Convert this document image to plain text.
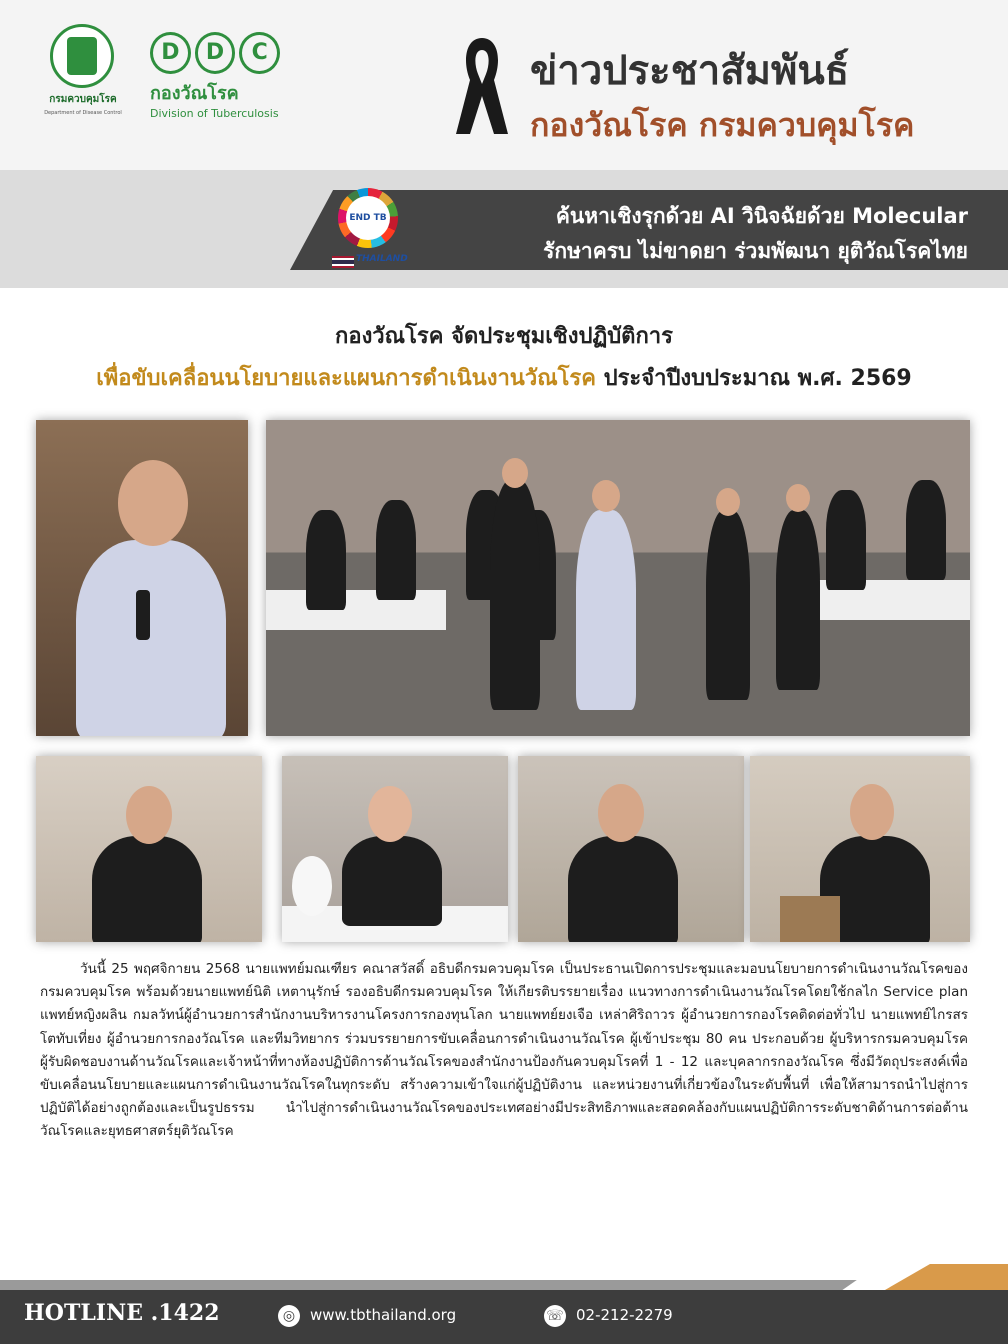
กรมควบคุมโรค
Department of Disease Control
D	D	C
กองวัณโรค
Division of Tuberculosis
ข่าวประชาสัมพันธ์
กองวัณโรค กรมควบคุมโรค
END TB
THAILAND
ค้นหาเชิงรุกด้วย AI วินิจฉัยด้วย Molecular
รักษาครบ ไม่ขาดยา ร่วมพัฒนา ยุติวัณโรคไทย
กองวัณโรค จัดประชุมเชิงปฏิบัติการ
เพื่อขับเคลื่อนนโยบายและแผนการดำเนินงานวัณโรค ประจำปีงบประมาณ พ.ศ. 2569
วันนี้ 25 พฤศจิกายน 2568 นายแพทย์มณเฑียร คณาสวัสดิ์ อธิบดีกรมควบคุมโรค เป็นประธานเปิดการประชุมและมอบนโยบายการดำเนินงานวัณโรคของกรมควบคุมโรค พร้อมด้วยนายแพทย์นิติ เหตานุรักษ์ รองอธิบดีกรมควบคุมโรค ให้เกียรติบรรยายเรื่อง แนวทางการดำเนินงานวัณโรคโดยใช้กลไก Service plan แพทย์หญิงผลิน กมลวัทน์ผู้อำนวยการสำนักงานบริหารงานโครงการกองทุนโลก นายแพทย์ยงเจือ เหล่าศิริถาวร ผู้อำนวยการกองโรคติดต่อทั่วไป นายแพทย์ไกรสร โตทับเที่ยง ผู้อำนวยการกองวัณโรค และทีมวิทยากร ร่วมบรรยายการขับเคลื่อนการดำเนินงานวัณโรค ผู้เข้าประชุม 80 คน ประกอบด้วย ผู้บริหารกรมควบคุมโรค ผู้รับผิดชอบงานด้านวัณโรคและเจ้าหน้าที่ทางห้องปฏิบัติการด้านวัณโรคของสำนักงานป้องกันควบคุมโรคที่ 1 - 12 และบุคลากรกองวัณโรค ซึ่งมีวัตถุประสงค์เพื่อขับเคลื่อนนโยบายและแผนการดำเนินงานวัณโรคในทุกระดับ สร้างความเข้าใจแก่ผู้ปฏิบัติงาน และหน่วยงานที่เกี่ยวข้องในระดับพื้นที่ เพื่อให้สามารถนำไปสู่การปฏิบัติได้อย่างถูกต้องและเป็นรูปธรรม นำไปสู่การดำเนินงานวัณโรคของประเทศอย่างมีประสิทธิภาพและสอดคล้องกับแผนปฏิบัติการระดับชาติด้านการต่อต้านวัณโรคและยุทธศาสตร์ยุติวัณโรค
HOTLINE .1422	◎ www.tbthailand.org	☏ 02-212-2279
